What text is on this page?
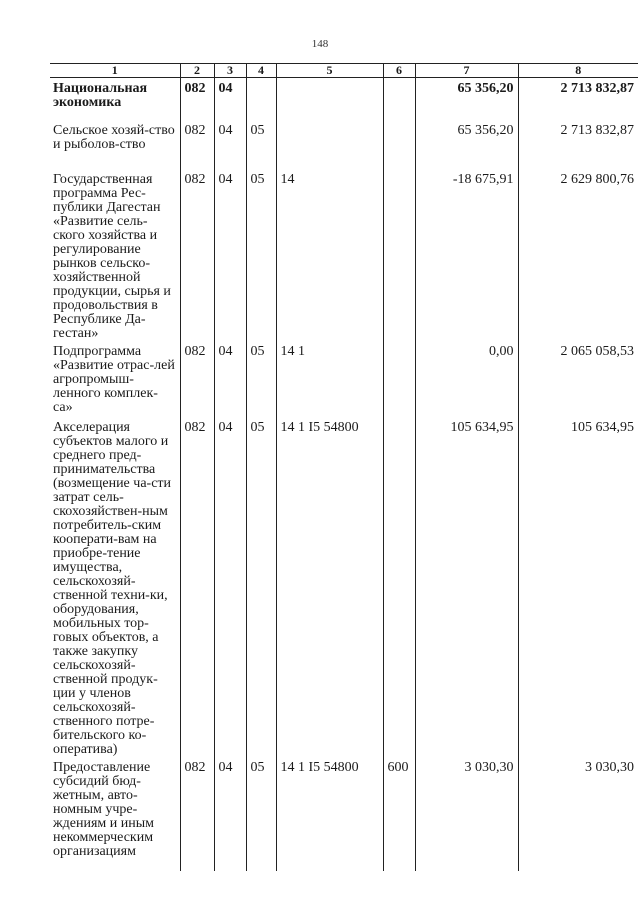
148
1	2	3	4	5	6	7	8
Национальная экономика	082	04				65 356,20	2 713 832,87
Сельское хозяй-ство и рыболов-ство	082	04	05			65 356,20	2 713 832,87
Государственная программа Рес-публики Дагестан «Развитие сель-ского хозяйства и регулирование рынков сельско-хозяйственной продукции, сырья и продовольствия в Республике Да-гестан»	082	04	05	14		-18 675,91	2 629 800,76
Подпрограмма «Развитие отрас-лей агропромыш-ленного комплек-са»	082	04	05	14 1		0,00	2 065 058,53
Акселерация субъектов малого и среднего пред-принимательства (возмещение ча-сти затрат сель-скохозяйствен-ным потребитель-ским кооперати-вам на приобре-тение имущества, сельскохозяй-ственной техни-ки, оборудования, мобильных тор-говых объектов, а также закупку сельскохозяй-ственной продук-ции у членов сельскохозяй-ственного потре-бительского ко-оператива)	082	04	05	14 1 I5 54800		105 634,95	105 634,95
Предоставление субсидий бюд-жетным, авто-номным учре-ждениям и иным некоммерческим организациям	082	04	05	14 1 I5 54800	600	3 030,30	3 030,30
